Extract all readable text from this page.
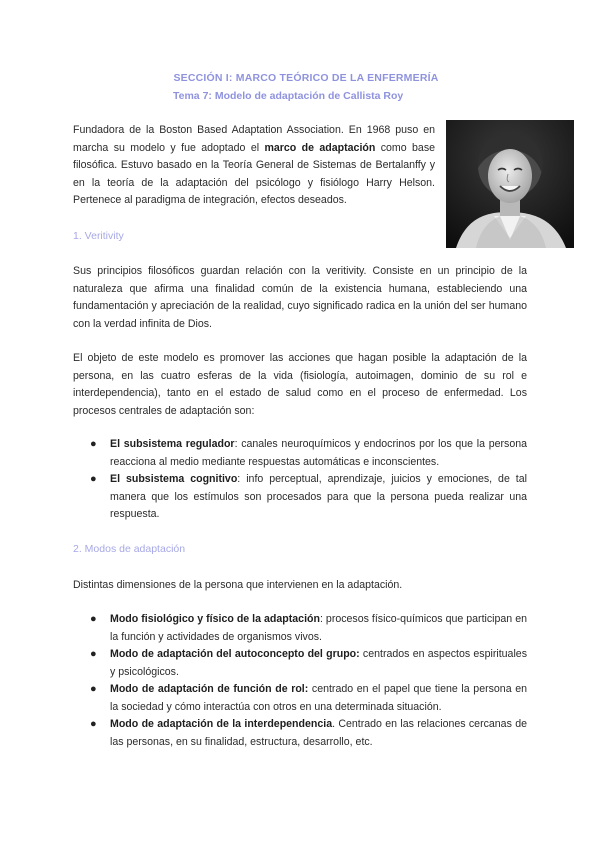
SECCIÓN I: MARCO TEÓRICO DE LA ENFERMERÍA
Tema 7: Modelo de adaptación de Callista Roy
Fundadora de la Boston Based Adaptation Association. En 1968 puso en marcha su modelo y fue adoptado el marco de adaptación como base filosófica. Estuvo basado en la Teoría General de Sistemas de Bertalanffy y en la teoría de la adaptación del psicólogo y fisiólogo Harry Helson. Pertenece al paradigma de integración, efectos deseados.
1. Veritivity
Sus principios filosóficos guardan relación con la veritivity. Consiste en un principio de la naturaleza que afirma una finalidad común de la existencia humana, estableciendo una fundamentación y apreciación de la realidad, cuyo significado radica en la unión del ser humano con la verdad infinita de Dios.
El objeto de este modelo es promover las acciones que hagan posible la adaptación de la persona, en las cuatro esferas de la vida (fisiología, autoimagen, dominio de su rol e interdependencia), tanto en el estado de salud como en el proceso de enfermedad. Los procesos centrales de adaptación son:
● El subsistema regulador: canales neuroquímicos y endocrinos por los que la persona reacciona al medio mediante respuestas automáticas e inconscientes.
● El subsistema cognitivo: info perceptual, aprendizaje, juicios y emociones, de tal manera que los estímulos son procesados para que la persona pueda realizar una respuesta.
2. Modos de adaptación
Distintas dimensiones de la persona que intervienen en la adaptación.
● Modo fisiológico y físico de la adaptación: procesos físico-químicos que participan en la función y actividades de organismos vivos.
● Modo de adaptación del autoconcepto del grupo: centrados en aspectos espirituales y psicológicos.
● Modo de adaptación de función de rol: centrado en el papel que tiene la persona en la sociedad y cómo interactúa con otros en una determinada situación.
● Modo de adaptación de la interdependencia. Centrado en las relaciones cercanas de las personas, en su finalidad, estructura, desarrollo, etc.
